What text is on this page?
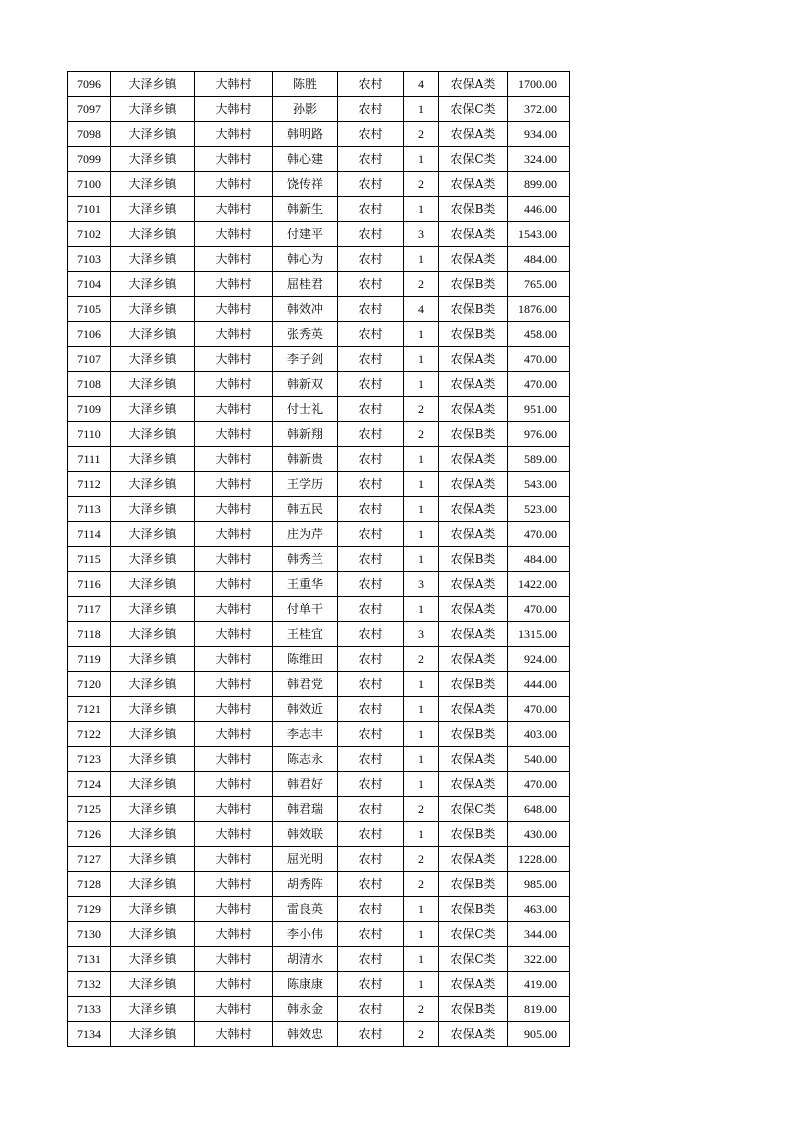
7096	大泽乡镇	大韩村	陈胜	农村	4	农保A类	1700.00
7097	大泽乡镇	大韩村	孙影	农村	1	农保C类	372.00
7098	大泽乡镇	大韩村	韩明路	农村	2	农保A类	934.00
7099	大泽乡镇	大韩村	韩心建	农村	1	农保C类	324.00
7100	大泽乡镇	大韩村	饶传祥	农村	2	农保A类	899.00
7101	大泽乡镇	大韩村	韩新生	农村	1	农保B类	446.00
7102	大泽乡镇	大韩村	付建平	农村	3	农保A类	1543.00
7103	大泽乡镇	大韩村	韩心为	农村	1	农保A类	484.00
7104	大泽乡镇	大韩村	屈桂君	农村	2	农保B类	765.00
7105	大泽乡镇	大韩村	韩效冲	农村	4	农保B类	1876.00
7106	大泽乡镇	大韩村	张秀英	农村	1	农保B类	458.00
7107	大泽乡镇	大韩村	李子剑	农村	1	农保A类	470.00
7108	大泽乡镇	大韩村	韩新双	农村	1	农保A类	470.00
7109	大泽乡镇	大韩村	付士礼	农村	2	农保A类	951.00
7110	大泽乡镇	大韩村	韩新翔	农村	2	农保B类	976.00
7111	大泽乡镇	大韩村	韩新贵	农村	1	农保A类	589.00
7112	大泽乡镇	大韩村	王学历	农村	1	农保A类	543.00
7113	大泽乡镇	大韩村	韩五民	农村	1	农保A类	523.00
7114	大泽乡镇	大韩村	庄为芹	农村	1	农保A类	470.00
7115	大泽乡镇	大韩村	韩秀兰	农村	1	农保B类	484.00
7116	大泽乡镇	大韩村	王重华	农村	3	农保A类	1422.00
7117	大泽乡镇	大韩村	付单干	农村	1	农保A类	470.00
7118	大泽乡镇	大韩村	王桂宜	农村	3	农保A类	1315.00
7119	大泽乡镇	大韩村	陈维田	农村	2	农保A类	924.00
7120	大泽乡镇	大韩村	韩君党	农村	1	农保B类	444.00
7121	大泽乡镇	大韩村	韩效近	农村	1	农保A类	470.00
7122	大泽乡镇	大韩村	李志丰	农村	1	农保B类	403.00
7123	大泽乡镇	大韩村	陈志永	农村	1	农保A类	540.00
7124	大泽乡镇	大韩村	韩君好	农村	1	农保A类	470.00
7125	大泽乡镇	大韩村	韩君瑞	农村	2	农保C类	648.00
7126	大泽乡镇	大韩村	韩效联	农村	1	农保B类	430.00
7127	大泽乡镇	大韩村	屈光明	农村	2	农保A类	1228.00
7128	大泽乡镇	大韩村	胡秀阵	农村	2	农保B类	985.00
7129	大泽乡镇	大韩村	雷良英	农村	1	农保B类	463.00
7130	大泽乡镇	大韩村	李小伟	农村	1	农保C类	344.00
7131	大泽乡镇	大韩村	胡清水	农村	1	农保C类	322.00
7132	大泽乡镇	大韩村	陈康康	农村	1	农保A类	419.00
7133	大泽乡镇	大韩村	韩永金	农村	2	农保B类	819.00
7134	大泽乡镇	大韩村	韩效忠	农村	2	农保A类	905.00
